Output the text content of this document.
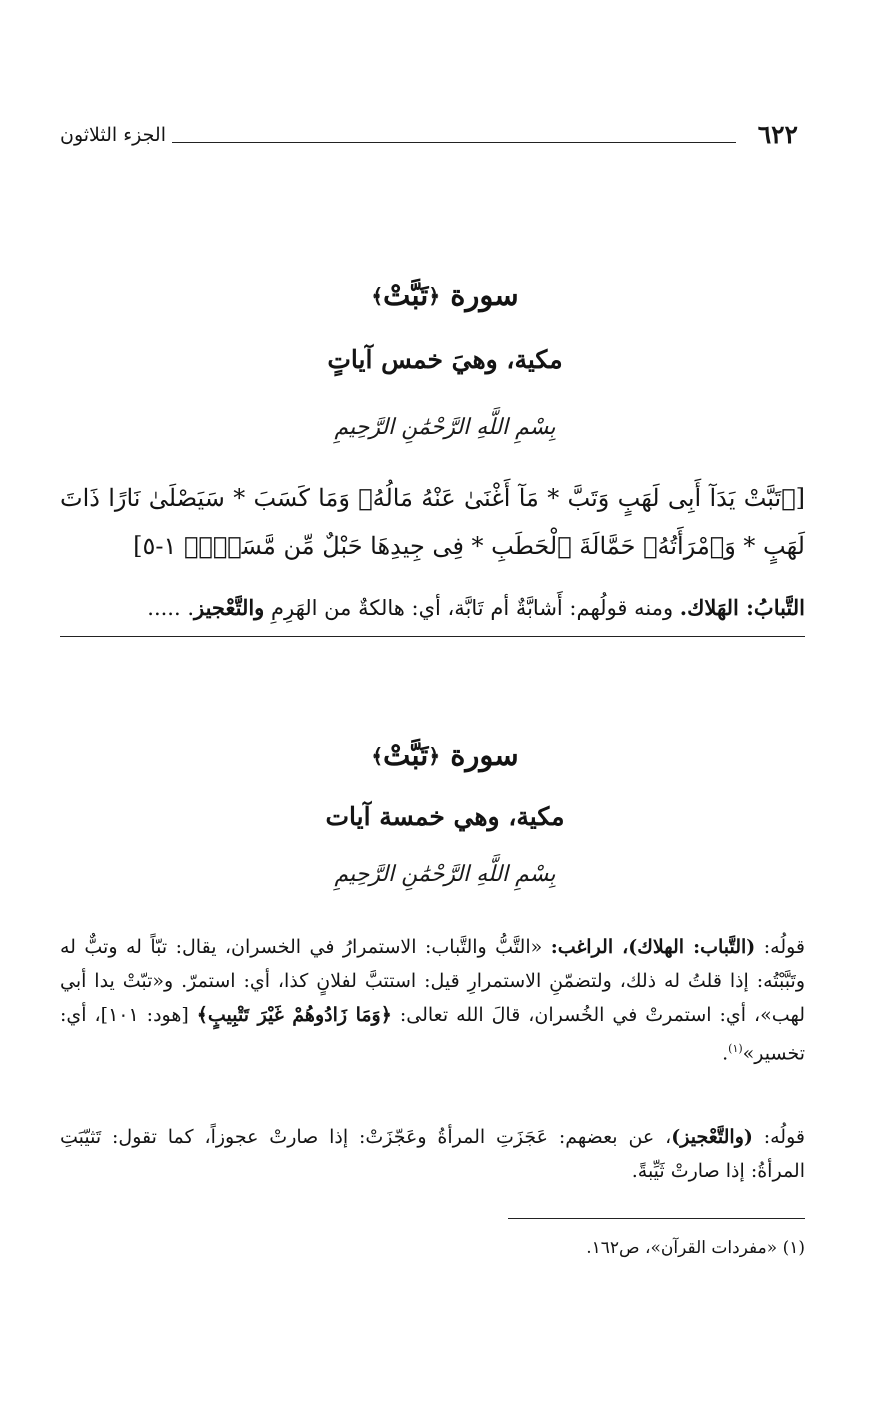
٦٢٢
الجزء الثلاثون
سورة ﴿تَبَّتْ﴾
مكية، وهيَ خمس آياتٍ
بِسْمِ اللَّهِ الرَّحْمَٰنِ الرَّحِيمِ
[﴿تَبَّتْ يَدَآ أَبِى لَهَبٍ وَتَبَّ * مَآ أَغْنَىٰ عَنْهُ مَالُهُۥ وَمَا كَسَبَ * سَيَصْلَىٰ نَارًا ذَاتَ لَهَبٍ * وَٱمْرَأَتُهُۥ حَمَّالَةَ ٱلْحَطَبِ * فِى جِيدِهَا حَبْلٌ مِّن مَّسَدٍۭ﴾ ١-٥]
التَّبابُ: الهَلاك. ومنه قولُهم: أَشابَّةٌ أم تَابَّة، أي: هالكةٌ من الهَرِمِ والتَّعْجيز. .....
سورة ﴿تَبَّتْ﴾
مكية، وهي خمسة آيات
بِسْمِ اللَّهِ الرَّحْمَٰنِ الرَّحِيمِ
قولُه: (التَّباب: الهلاك)، الراغب: «التَّبُّ والتَّباب: الاستمرارُ في الخسران، يقال: تبّاً له وتبٌّ له وتَبَّبْتُه: إذا قلتُ له ذلك، ولتضمّنِ الاستمرارِ قيل: استتبَّ لفلانٍ كذا، أي: استمرّ. و«تبّتْ يدا أبي لهب»، أي: استمرتْ في الخُسران، قالَ الله تعالى: ﴿وَمَا زَادُوهُمْ غَيْرَ تَتْبِيبٍ﴾ [هود: ١٠١]، أي: تخسير»$^{(١)}$.
قولُه: (والتَّعْجيز)، عن بعضهم: عَجَزَتِ المرأةُ وعَجّزَتْ: إذا صارتْ عجوزاً، كما تقول: تَثيّبَتِ المرأةُ: إذا صارتْ ثَيِّبةً.
(١) «مفردات القرآن»، ص١٦٢.
